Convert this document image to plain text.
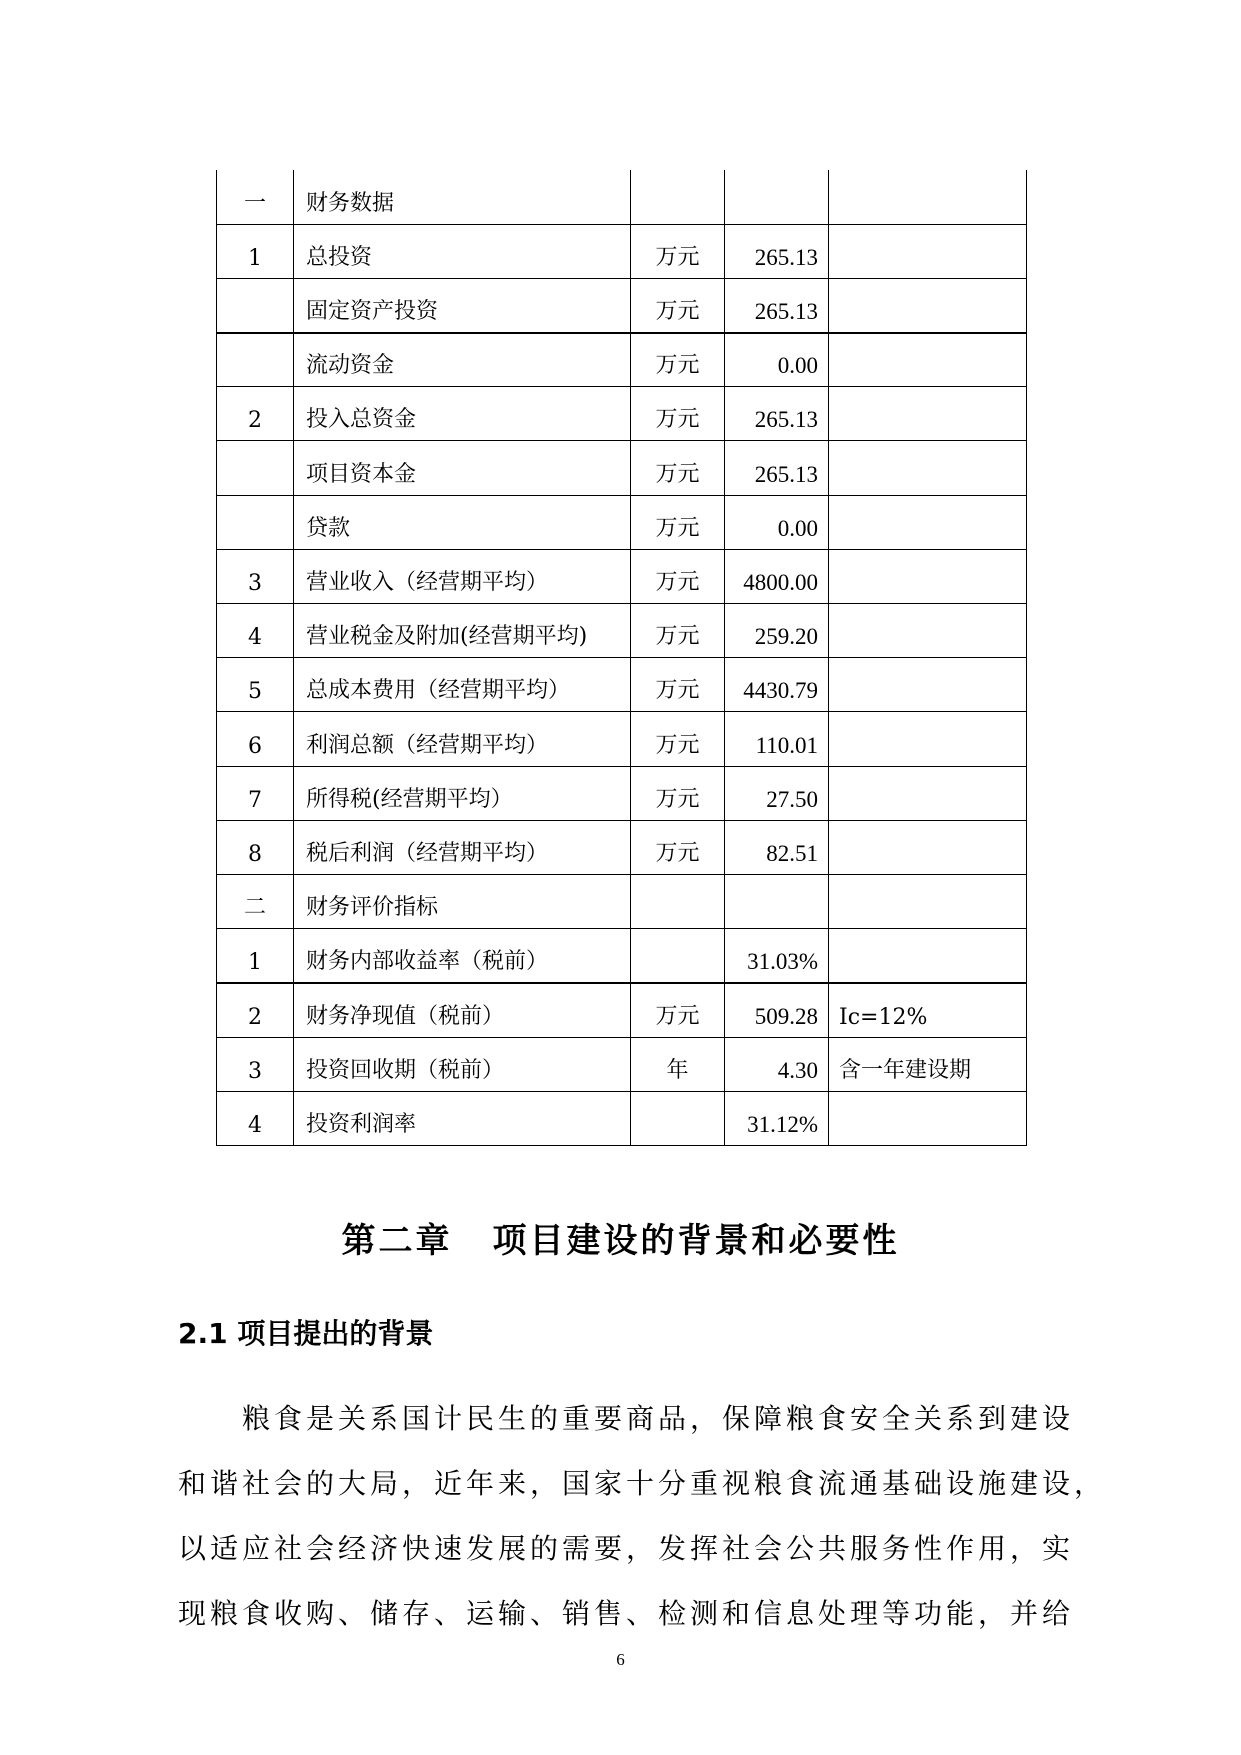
一	财务数据			
1	总投资	万元	265.13	
	固定资产投资	万元	265.13	
	流动资金	万元	0.00	
2	投入总资金	万元	265.13	
	项目资本金	万元	265.13	
	贷款	万元	0.00	
3	营业收入（经营期平均）	万元	4800.00	
4	营业税金及附加(经营期平均)	万元	259.20	
5	总成本费用（经营期平均）	万元	4430.79	
6	利润总额（经营期平均）	万元	110.01	
7	所得税(经营期平均）	万元	27.50	
8	税后利润（经营期平均）	万元	82.51	
二	财务评价指标			
1	财务内部收益率（税前）		31.03%	
2	财务净现值（税前）	万元	509.28	Ic=12%
3	投资回收期（税前）	年	4.30	含一年建设期
4	投资利润率		31.12%	
第二章 项目建设的背景和必要性
2.1 项目提出的背景
粮食是关系国计民生的重要商品，保障粮食安全关系到建设
和谐社会的大局，近年来，国家十分重视粮食流通基础设施建设，
以适应社会经济快速发展的需要，发挥社会公共服务性作用，实
现粮食收购、储存、运输、销售、检测和信息处理等功能，并给
6
